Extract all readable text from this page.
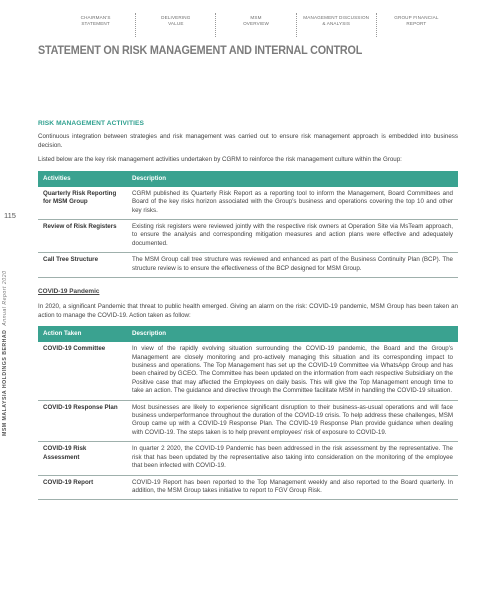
CHAIRMAN'S
STATEMENT
DELIVERING
VALUE
MSM
OVERVIEW
MANAGEMENT DISCUSSION
& ANALYSIS
GROUP FINANCIAL
REPORT
STATEMENT ON RISK MANAGEMENT AND INTERNAL CONTROL
115
MSM MALAYSIA HOLDINGS BERHAD  Annual Report 2020
RISK MANAGEMENT ACTIVITIES

Continuous integration between strategies and risk management was carried out to ensure risk management approach is embedded into business decision.

Listed below are the key risk management activities undertaken by CGRM to reinforce the risk management culture within the Group:

Activities	Description
Quarterly Risk Reporting for MSM Group	CGRM published its Quarterly Risk Report as a reporting tool to inform the Management, Board Committees and Board of the key risks horizon associated with the Group's business and operations covering the top 10 and other key risks.
Review of Risk Registers	Existing risk registers were reviewed jointly with the respective risk owners at Operation Site via MsTeam approach, to ensure the analysis and corresponding mitigation measures and action plans were effective and adequately documented.
Call Tree Structure	The MSM Group call tree structure was reviewed and enhanced as part of the Business Continuity Plan (BCP). The structure review is to ensure the effectiveness of the BCP designed for MSM Group.
COVID-19 Pandemic

In 2020, a significant Pandemic that threat to public health emerged. Giving an alarm on the risk: COVID-19 pandemic, MSM Group has been taken an action to manage the COVID-19. Action taken as follow:

Action Taken	Description
COVID-19 Committee	In view of the rapidly evolving situation surrounding the COVID-19 pandemic, the Board and the Group's Management are closely monitoring and pro-actively managing this situation and its corresponding impact to business and operations. The Top Management has set up the COVID-19 Committee via WhatsApp Group and has been chaired by GCEO. The Committee has been updated on the information from each respective Subsidiary on the Positive case that may affected the Employees on daily basis. This will give the Top Management enough time to take an action. The guidance and directive through the Committee facilitate MSM in handling the COVID-19 situation.
COVID-19 Response Plan	Most businesses are likely to experience significant disruption to their business-as-usual operations and will face business underperformance throughout the duration of the COVID-19 crisis. To help address these challenges, MSM Group came up with a COVID-19 Response Plan. The COVID-19 Response Plan provide guidance when dealing with COVID-19. The steps taken is to help prevent employees' risk of exposure to COVID-19.
COVID-19 Risk Assessment	In quarter 2 2020, the COVID-19 Pandemic has been addressed in the risk assessment by the representative. The risk that has been updated by the representative also taking into consideration on the monitoring of the employee that been infected with COVID-19.
COVID-19 Report	COVID-19 Report has been reported to the Top Management weekly and also reported to the Board quarterly. In addition, the MSM Group takes initiative to report to FGV Group Risk.
